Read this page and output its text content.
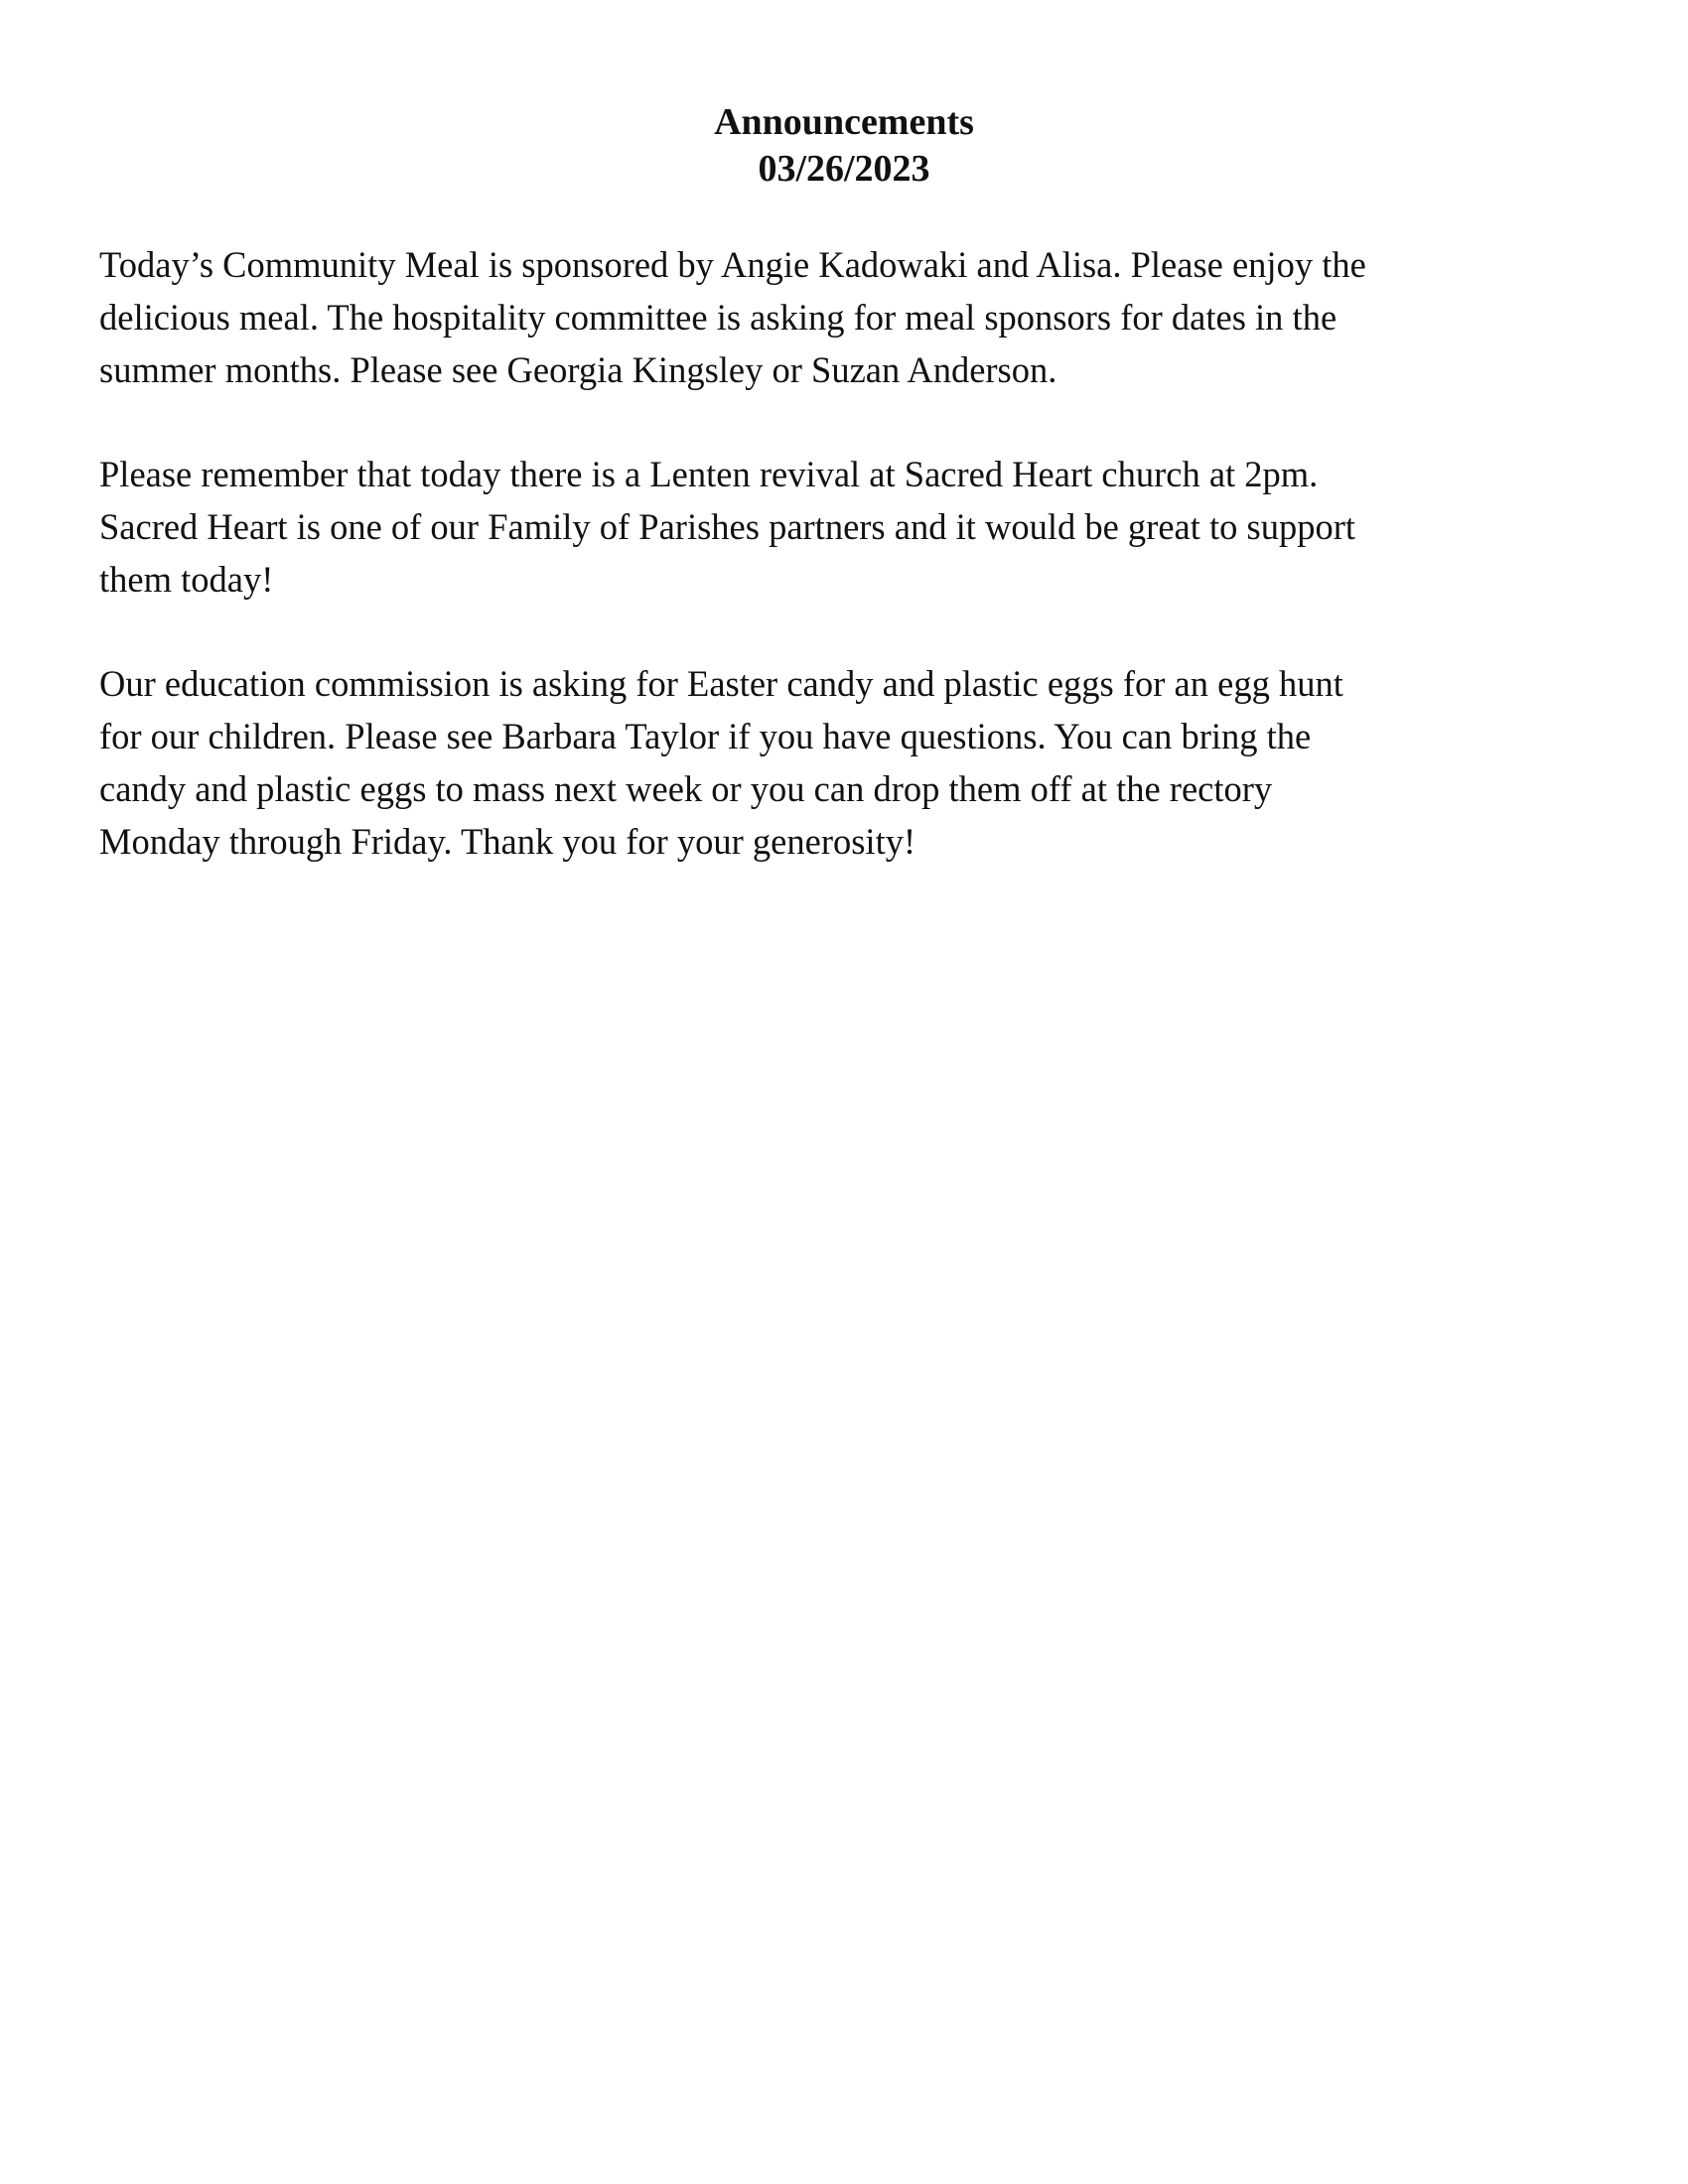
Announcements
03/26/2023

Today’s Community Meal is sponsored by Angie Kadowaki and Alisa. Please enjoy the
delicious meal. The hospitality committee is asking for meal sponsors for dates in the
summer months. Please see Georgia Kingsley or Suzan Anderson.

Please remember that today there is a Lenten revival at Sacred Heart church at 2pm.
Sacred Heart is one of our Family of Parishes partners and it would be great to support
them today!

Our education commission is asking for Easter candy and plastic eggs for an egg hunt
for our children. Please see Barbara Taylor if you have questions. You can bring the
candy and plastic eggs to mass next week or you can drop them off at the rectory
Monday through Friday. Thank you for your generosity!
